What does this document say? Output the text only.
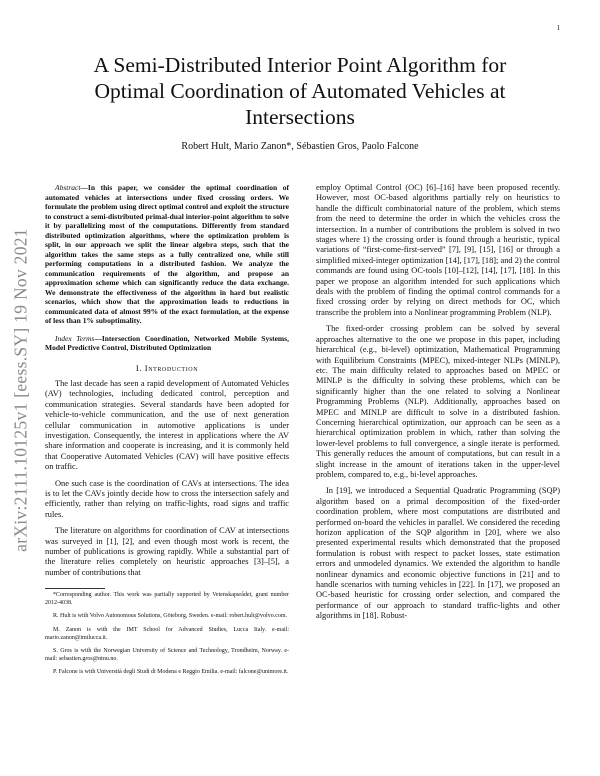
1
arXiv:2111.10125v1 [eess.SY] 19 Nov 2021
A Semi-Distributed Interior Point Algorithm for Optimal Coordination of Automated Vehicles at Intersections
Robert Hult, Mario Zanon*, Sébastien Gros, Paolo Falcone

Abstract—In this paper, we consider the optimal coordination of automated vehicles at intersections under fixed crossing orders. We formulate the problem using direct optimal control and exploit the structure to construct a semi-distributed primal-dual interior-point algorithm to solve it by parallelizing most of the computations. Differently from standard distributed optimization algorithms, where the optimization problem is split, in our approach we split the linear algebra steps, such that the algorithm takes the same steps as a fully centralized one, while still performing computations in a distributed fashion. We analyze the communication requirements of the algorithm, and propose an approximation scheme which can significantly reduce the data exchange. We demonstrate the effectiveness of the algorithm in hard but realistic scenarios, which show that the approximation leads to reductions in communicated data of almost 99% of the exact formulation, at the expense of less than 1% suboptimality.

Index Terms—Intersection Coordination, Networked Mobile Systems, Model Predictive Control, Distributed Optimization

I. Introduction

The last decade has seen a rapid development of Automated Vehicles (AV) technologies, including dedicated control, perception and communication strategies. Several standards have been adopted for vehicle-to-vehicle communication, and the use of next generation cellular communication in automotive applications is under investigation. Consequently, the interest in applications where the AV share information and cooperate is increasing, and it is commonly held that Cooperative Automated Vehicles (CAV) will have positive effects on traffic.

One such case is the coordination of CAVs at intersections. The idea is to let the CAVs jointly decide how to cross the intersection safely and efficiently, rather than relying on traffic-lights, road signs and traffic rules.

The literature on algorithms for coordination of CAV at intersections was surveyed in [1], [2], and even though most work is recent, the number of publications is growing rapidly. While a substantial part of the literature relies completely on heuristic approaches [3]–[5], a number of contributions that

*Corresponding author. This work was partially supported by Vetenskapsrådet, grant number 2012-4038.

R. Hult is with Volvo Autonomous Solutions, Göteborg, Sweden. e-mail: robert.hult@volvo.com.

M. Zanon is with the IMT School for Advanced Studies, Lucca Italy. e-mail: mario.zanon@imtlucca.it.

S. Gros is with the Norwegian University of Science and Technology, Trondheim, Norway. e-mail: sebastien.gros@ntnu.no.

P. Falcone is with Università degli Studi di Modena e Reggio Emilia. e-mail: falcone@unimore.it.

employ Optimal Control (OC) [6]–[16] have been proposed recently. However, most OC-based algorithms partially rely on heuristics to handle the difficult combinatorial nature of the problem, which stems from the need to determine the order in which the vehicles cross the intersection. In a number of contributions the problem is solved in two stages where 1) the crossing order is found through a heuristic, typical variations of “first-come-first-served” [7], [9], [15], [16] or through a simplified mixed-integer optimization [14], [17], [18]; and 2) the control commands are found using OC-tools [10]–[12], [14], [17], [18]. In this paper we propose an algorithm intended for such applications which deals with the problem of finding the optimal control commands for a fixed crossing order by relying on direct methods for OC, which transcribe the problem into a Nonlinear programming Problem (NLP).

The fixed-order crossing problem can be solved by several approaches alternative to the one we propose in this paper, including hierarchical (e.g., bi-level) optimization, Mathematical Programming with Equilibrium Constraints (MPEC), mixed-integer NLPs (MINLP), etc. The main difficulty related to approaches based on MPEC or MINLP is the difficulty in solving these problems, which can be significantly higher than the one related to solving a Nonlinear Programming Problems (NLP). Additionally, approaches based on MPEC and MINLP are difficult to solve in a distributed fashion. Concerning hierarchical optimization, our approach can be seen as a hierarchical optimization problem in which, rather than solving the lower-level problems to full convergence, a single iterate is performed. This generally reduces the amount of computations, but can result in a slight increase in the amount of iterations taken in the upper-level problem, compared to, e.g., bi-level approaches.

In [19], we introduced a Sequential Quadratic Programming (SQP) algorithm based on a primal decomposition of the fixed-order coordination problem, where most computations are distributed and performed on-board the vehicles in parallel. We considered the receding horizon application of the SQP algorithm in [20], where we also presented experimental results which demonstrated that the proposed formulation is robust with respect to packet losses, state estimation errors and unmodeled dynamics. We extended the algorithm to handle nonlinear dynamics and economic objective functions in [21] and to handle scenarios with turning vehicles in [22]. In [17], we proposed an OC-based heuristic for crossing order selection, and compared the performance of our approach to standard traffic-lights and other algorithms in [18]. Robust-
